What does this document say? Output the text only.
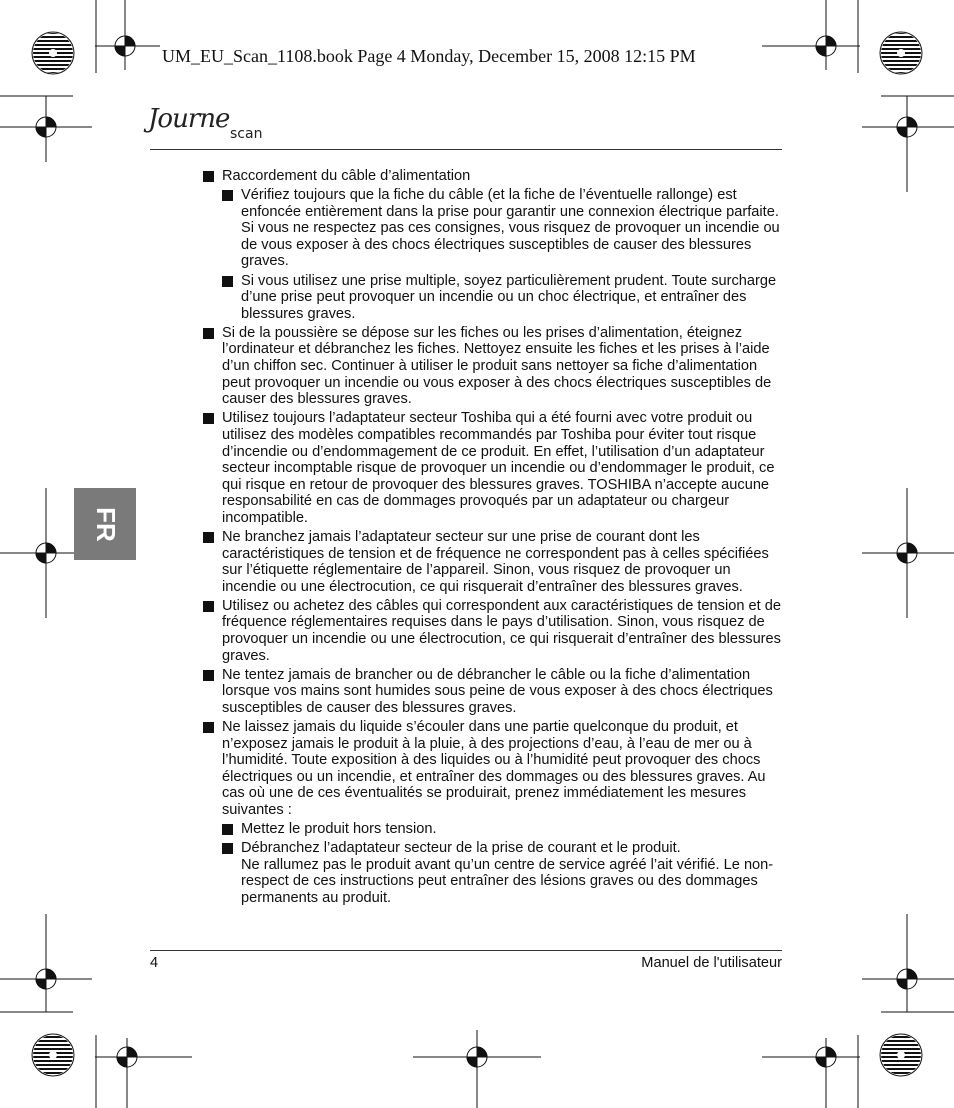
UM_EU_Scan_1108.book Page 4 Monday, December 15, 2008 12:15 PM
Journe scan
FR
Raccordement du câble d’alimentation
Vérifiez toujours que la fiche du câble (et la fiche de l’éventuelle rallonge) est enfoncée entièrement dans la prise pour garantir une connexion électrique parfaite. Si vous ne respectez pas ces consignes, vous risquez de provoquer un incendie ou de vous exposer à des chocs électriques susceptibles de causer des blessures graves.
Si vous utilisez une prise multiple, soyez particulièrement prudent. Toute surcharge d’une prise peut provoquer un incendie ou un choc électrique, et entraîner des blessures graves.
Si de la poussière se dépose sur les fiches ou les prises d’alimentation, éteignez l’ordinateur et débranchez les fiches. Nettoyez ensuite les fiches et les prises à l’aide d’un chiffon sec. Continuer à utiliser le produit sans nettoyer sa fiche d’alimentation peut provoquer un incendie ou vous exposer à des chocs électriques susceptibles de causer des blessures graves.
Utilisez toujours l’adaptateur secteur Toshiba qui a été fourni avec votre produit ou utilisez des modèles compatibles recommandés par Toshiba pour éviter tout risque d’incendie ou d’endommagement de ce produit. En effet, l’utilisation d’un adaptateur secteur incomptable risque de provoquer un incendie ou d’endommager le produit, ce qui risque en retour de provoquer des blessures graves. TOSHIBA n’accepte aucune responsabilité en cas de dommages provoqués par un adaptateur ou chargeur incompatible.
Ne branchez jamais l’adaptateur secteur sur une prise de courant dont les caractéristiques de tension et de fréquence ne correspondent pas à celles spécifiées sur l’étiquette réglementaire de l’appareil. Sinon, vous risquez de provoquer un incendie ou une électrocution, ce qui risquerait d’entraîner des blessures graves.
Utilisez ou achetez des câbles qui correspondent aux caractéristiques de tension et de fréquence réglementaires requises dans le pays d’utilisation. Sinon, vous risquez de provoquer un incendie ou une électrocution, ce qui risquerait d’entraîner des blessures graves.
Ne tentez jamais de brancher ou de débrancher le câble ou la fiche d’alimentation lorsque vos mains sont humides sous peine de vous exposer à des chocs électriques susceptibles de causer des blessures graves.
Ne laissez jamais du liquide s’écouler dans une partie quelconque du produit, et n’exposez jamais le produit à la pluie, à des projections d’eau, à l’eau de mer ou à l’humidité. Toute exposition à des liquides ou à l’humidité peut provoquer des chocs électriques ou un incendie, et entraîner des dommages ou des blessures graves. Au cas où une de ces éventualités se produirait, prenez immédiatement les mesures suivantes :
Mettez le produit hors tension.
Débranchez l’adaptateur secteur de la prise de courant et le produit.
Ne rallumez pas le produit avant qu’un centre de service agréé l’ait vérifié. Le non-respect de ces instructions peut entraîner des lésions graves ou des dommages permanents au produit.
4	Manuel de l'utilisateur
